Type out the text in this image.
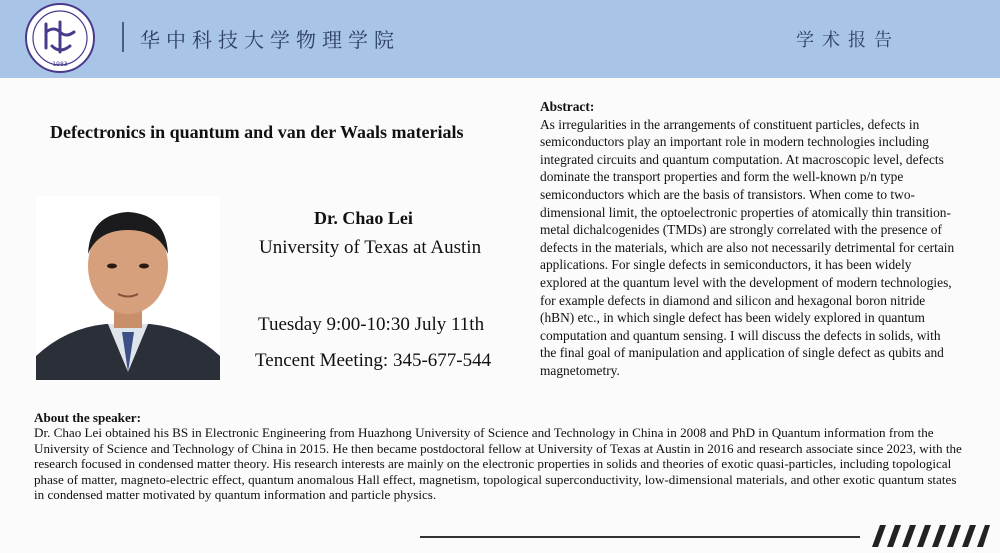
1983
华中科技大学物理学院	学术报告
Defectronics in quantum and van der Waals materials
Dr. Chao Lei
University of Texas at Austin
Tuesday 9:00-10:30 July 11th
Tencent Meeting: 345-677-544
Abstract:
As irregularities in the arrangements of constituent particles, defects in semiconductors play an important role in modern technologies including integrated circuits and quantum computation. At macroscopic level, defects dominate the transport properties and form the well-known p/n type semiconductors which are the basis of transistors. When come to two-dimensional limit, the optoelectronic properties of atomically thin transition-metal dichalcogenides (TMDs) are strongly correlated with the presence of defects in the materials, which are also not necessarily detrimental for certain applications. For single defects in semiconductors, it has been widely explored at the quantum level with the development of modern technologies, for example defects in diamond and silicon and hexagonal boron nitride (hBN) etc., in which single defect has been widely explored in quantum computation and quantum sensing. I will discuss the defects in solids, with the final goal of manipulation and application of single defect as qubits and magnetometry.
About the speaker:
Dr. Chao Lei obtained his BS in Electronic Engineering from Huazhong University of Science and Technology in China in 2008 and PhD in Quantum information from the University of Science and Technology of China in 2015. He then became postdoctoral fellow at University of Texas at Austin in 2016 and research associate since 2023, with the research focused in condensed matter theory. His research interests are mainly on the electronic properties in solids and theories of exotic quasi-particles, including topological phase of matter, magneto-electric effect, quantum anomalous Hall effect, magnetism, topological superconductivity, low-dimensional materials, and other exotic quantum states in condensed matter motivated by quantum information and particle physics.
